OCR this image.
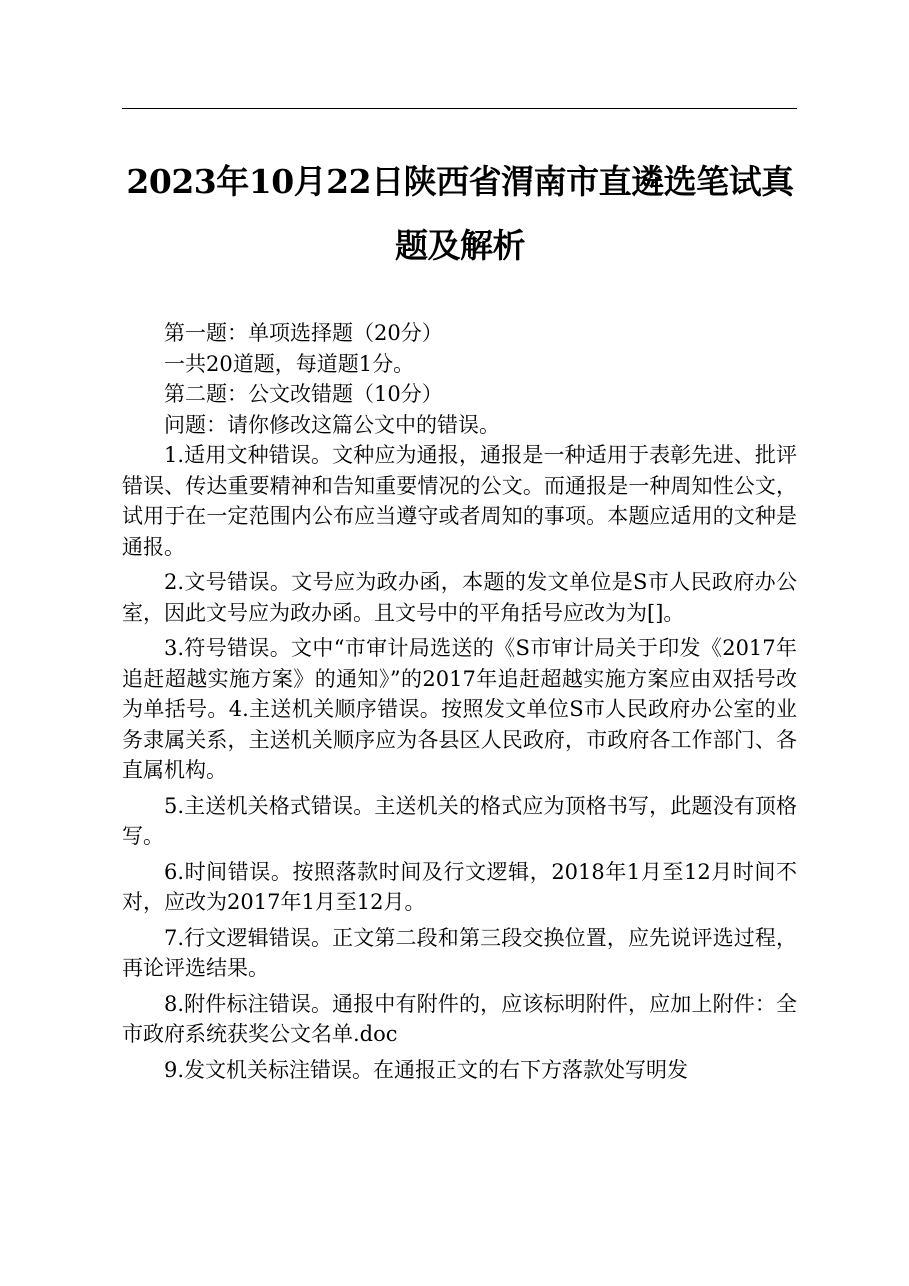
2023年10月22日陕西省渭南市直遴选笔试真
题及解析

第一题：单项选择题（20分）

一共20道题，每道题1分。

第二题：公文改错题（10分）

问题：请你修改这篇公文中的错误。

1.适用文种错误。文种应为通报，通报是一种适用于表彰先进、批评错误、传达重要精神和告知重要情况的公文。而通报是一种周知性公文，试用于在一定范围内公布应当遵守或者周知的事项。本题应适用的文种是通报。

2.文号错误。文号应为政办函，本题的发文单位是S市人民政府办公室，因此文号应为政办函。且文号中的平角括号应改为为[]。

3.符号错误。文中“市审计局选送的《S市审计局关于印发《2017年追赶超越实施方案》的通知》”的2017年追赶超越实施方案应由双括号改为单括号。4.主送机关顺序错误。按照发文单位S市人民政府办公室的业务隶属关系，主送机关顺序应为各县区人民政府，市政府各工作部门、各直属机构。

5.主送机关格式错误。主送机关的格式应为顶格书写，此题没有顶格写。

6.时间错误。按照落款时间及行文逻辑，2018年1月至12月时间不对，应改为2017年1月至12月。

7.行文逻辑错误。正文第二段和第三段交换位置，应先说评选过程，再论评选结果。

8.附件标注错误。通报中有附件的，应该标明附件，应加上附件：全市政府系统获奖公文名单.doc

9.发文机关标注错误。在通报正文的右下方落款处写明发
